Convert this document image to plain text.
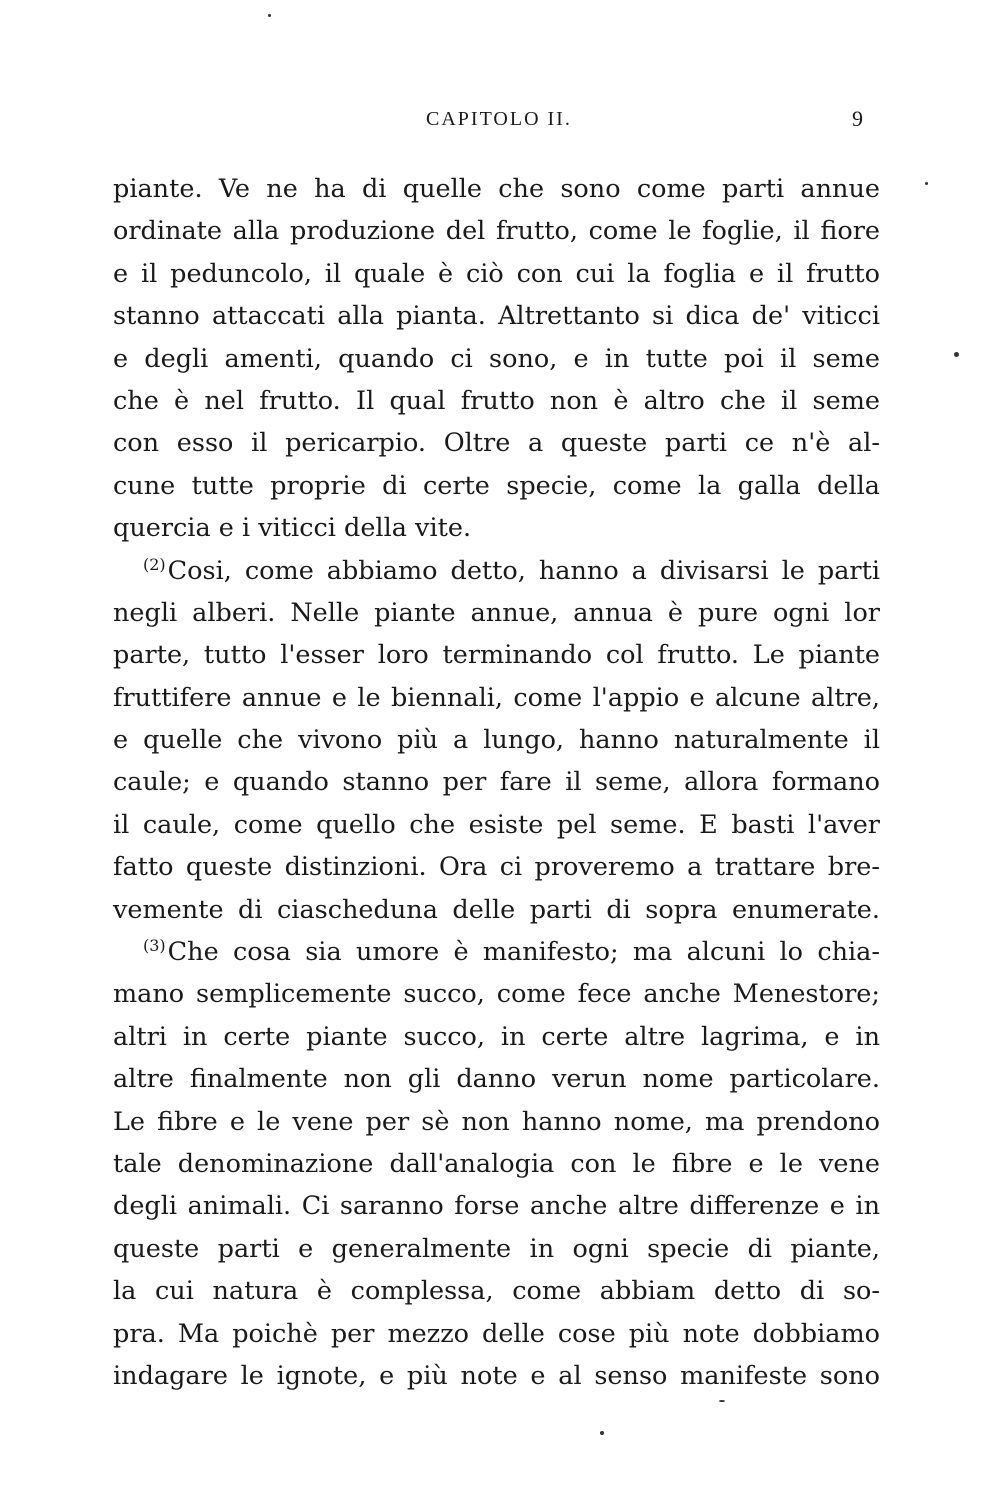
CAPITOLO II.	9
piante. Ve ne ha di quelle che sono come parti annue
ordinate alla produzione del frutto, come le foglie, il fiore
e il peduncolo, il quale è ciò con cui la foglia e il frutto
stanno attaccati alla pianta. Altrettanto si dica de' viticci
e degli amenti, quando ci sono, e in tutte poi il seme
che è nel frutto. Il qual frutto non è altro che il seme
con esso il pericarpio. Oltre a queste parti ce n'è al-
cune tutte proprie di certe specie, come la galla della
quercia e i viticci della vite.
$^{(2)}$Cosi, come abbiamo detto, hanno a divisarsi le parti
negli alberi. Nelle piante annue, annua è pure ogni lor
parte, tutto l'esser loro terminando col frutto. Le piante
fruttifere annue e le biennali, come l'appio e alcune altre,
e quelle che vivono più a lungo, hanno naturalmente il
caule; e quando stanno per fare il seme, allora formano
il caule, come quello che esiste pel seme. E basti l'aver
fatto queste distinzioni. Ora ci proveremo a trattare bre-
vemente di ciascheduna delle parti di sopra enumerate.
$^{(3)}$Che cosa sia umore è manifesto; ma alcuni lo chia-
mano semplicemente succo, come fece anche Menestore;
altri in certe piante succo, in certe altre lagrima, e in
altre finalmente non gli danno verun nome particolare.
Le fibre e le vene per sè non hanno nome, ma prendono
tale denominazione dall'analogia con le fibre e le vene
degli animali. Ci saranno forse anche altre differenze e in
queste parti e generalmente in ogni specie di piante,
la cui natura è complessa, come abbiam detto di so-
pra. Ma poichè per mezzo delle cose più note dobbiamo
indagare le ignote, e più note e al senso manifeste sono
